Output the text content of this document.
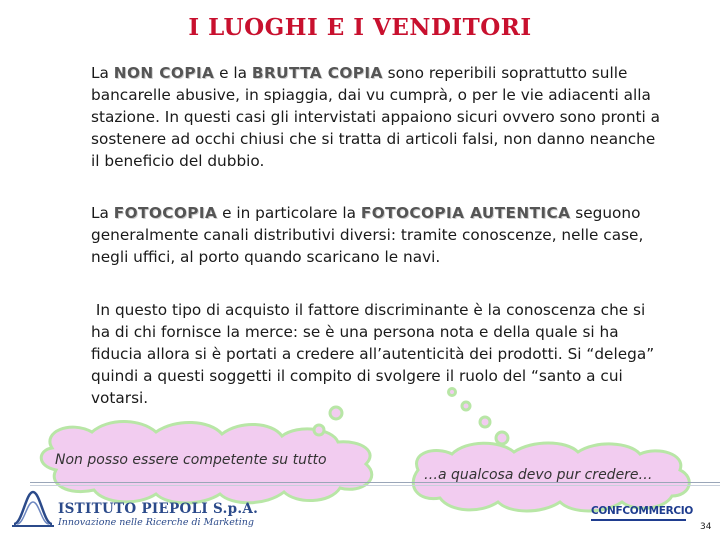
I LUOGHI E I VENDITORI
La NON COPIA e la BRUTTA COPIA sono reperibili soprattutto sulle bancarelle abusive, in spiaggia, dai vu cumprà, o per le vie adiacenti alla stazione. In questi casi gli intervistati appaiono sicuri ovvero sono pronti a sostenere ad occhi chiusi che si tratta di articoli falsi, non danno neanche il beneficio del dubbio.
La FOTOCOPIA e in particolare la FOTOCOPIA AUTENTICA seguono generalmente canali distributivi diversi: tramite conoscenze, nelle case, negli uffici, al porto quando scaricano le navi.
In questo tipo di acquisto il fattore discriminante è la conoscenza che si ha di chi fornisce la merce: se è una persona nota e della quale si ha fiducia allora si è portati a credere all’autenticità dei prodotti. Si “delega” quindi a questi soggetti il compito di svolgere il ruolo del “santo a cui votarsi.
Non posso essere competente su tutto
…a qualcosa devo pur credere…
ISTITUTO PIEPOLI S.p.A.
Innovazione nelle Ricerche di Marketing
CONFCOMMERCIO
34
